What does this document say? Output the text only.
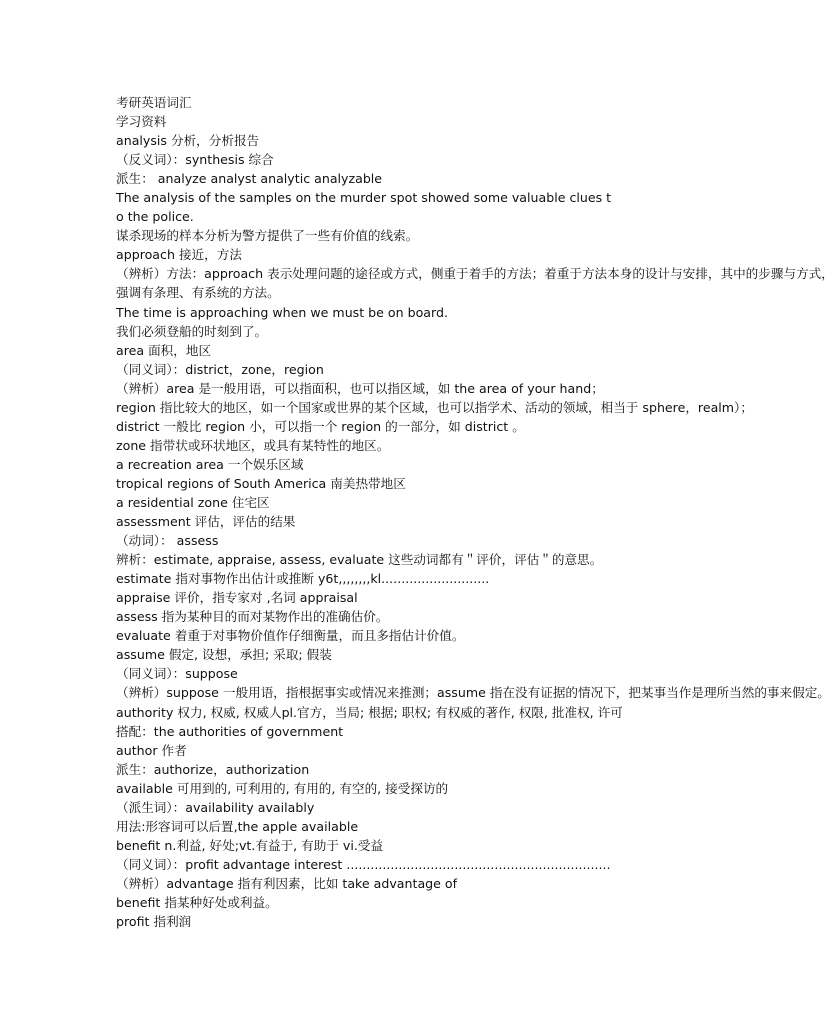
考研英语词汇
学习资料
analysis 分析，分析报告
（反义词）：synthesis 综合
派生： analyze analyst analytic analyzable
The analysis of the samples on the murder spot showed some valuable clues t
o the police.
谋杀现场的样本分析为警方提供了一些有价值的线索。
approach 接近，方法
（辨析）方法：approach 表示处理问题的途径或方式，侧重于着手的方法；着重于方法本身的设计与安排，其中的步骤与方式，
强调有条理、有系统的方法。
The time is approaching when we must be on board.
我们必须登船的时刻到了。
area 面积，地区
（同义词）：district，zone，region
（辨析）area 是一般用语，可以指面积，也可以指区域，如 the area of your hand；
region 指比较大的地区，如一个国家或世界的某个区域，也可以指学术、活动的领域，相当于 sphere，realm）；
district 一般比 region 小，可以指一个 region 的一部分，如 district 。
zone 指带状或环状地区，或具有某特性的地区。
a recreation area 一个娱乐区域
tropical regions of South America 南美热带地区
a residential zone 住宅区
assessment 评估，评估的结果
（动词）： assess
辨析：estimate, appraise, assess, evaluate 这些动词都有＂评价，评估＂的意思。
estimate 指对事物作出估计或推断 y6t,,,,,,,,kl...........................
appraise 评价，指专家对 ,名词 appraisal
assess 指为某种目的而对某物作出的准确估价。
evaluate 着重于对事物价值作仔细衡量，而且多指估计价值。
assume 假定, 设想，承担; 采取; 假装
（同义词）：suppose
（辨析）suppose 一般用语，指根据事实或情况来推测；assume 指在没有证据的情况下，把某事当作是理所当然的事来假定。
authority 权力, 权威, 权威人pl.官方，当局; 根据; 职权; 有权威的著作, 权限, 批准权, 许可
搭配：the authorities of government
author 作者
派生：authorize，authorization
available 可用到的, 可利用的, 有用的, 有空的, 接受探访的
（派生词）：availability availably
用法:形容词可以后置,the apple available
benefit n.利益, 好处;vt.有益于, 有助于 vi.受益
（同义词）：profit advantage interest ..................................................................
（辨析）advantage 指有利因素，比如 take advantage of
benefit 指某种好处或利益。
profit 指利润
